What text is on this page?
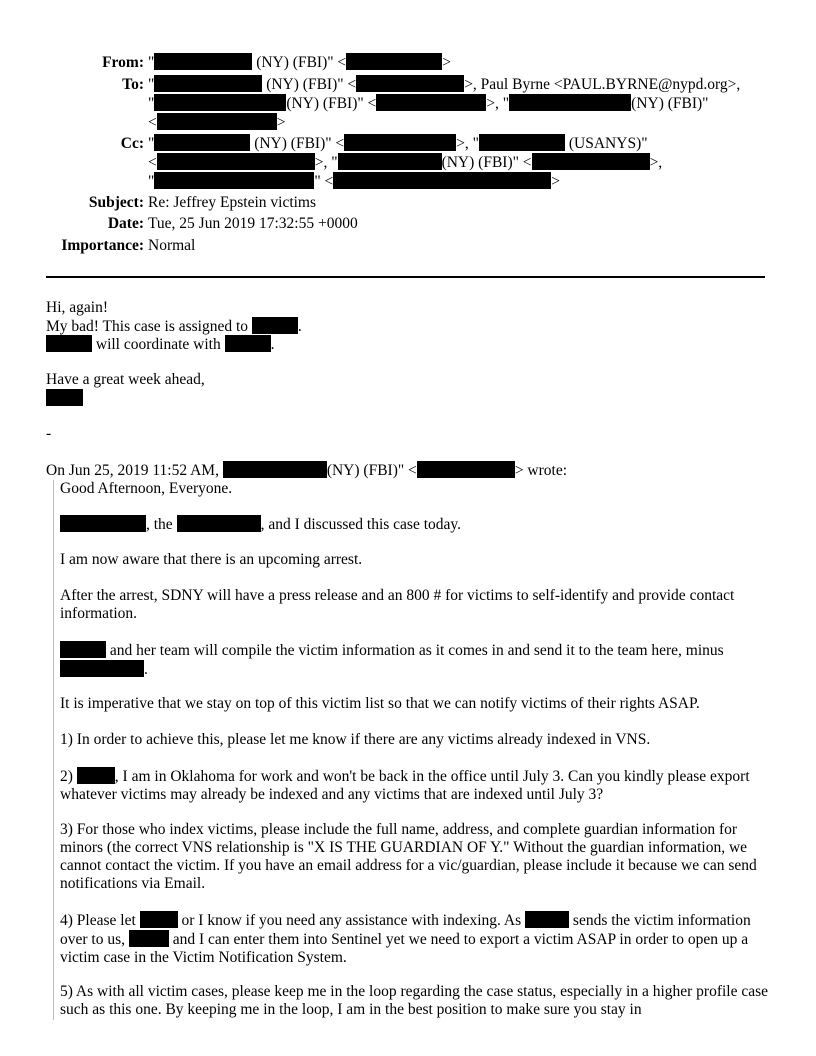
From: "	(NY) (FBI)" <	>
To: "	(NY) (FBI)" <	>, Paul Byrne <PAUL.BYRNE@nypd.org>,
"	(NY) (FBI)" <	>, "	(NY) (FBI)"
<	>
Cc: "	(NY) (FBI)" <	>, "	(USANYS)"
<	>, "	(NY) (FBI)" <	>,
"	" <	>
Subject: Re: Jeffrey Epstein victims
Date: Tue, 25 Jun 2019 17:32:55 +0000
Importance: Normal
Hi, again!
My bad! This case is assigned to	.
will coordinate with	.
Have a great week ahead,
-
On Jun 25, 2019 11:52 AM,	(NY) (FBI)" <	> wrote:
Good Afternoon, Everyone.
, the	, and I discussed this case today.
I am now aware that there is an upcoming arrest.
After the arrest, SDNY will have a press release and an 800 # for victims to self-identify and provide contact information.
and her team will compile the victim information as it comes in and send it to the team here, minus
.
It is imperative that we stay on top of this victim list so that we can notify victims of their rights ASAP.
1) In order to achieve this, please let me know if there are any victims already indexed in VNS.
2) , I am in Oklahoma for work and won't be back in the office until July 3. Can you kindly please export whatever victims may already be indexed and any victims that are indexed until July 3?
3) For those who index victims, please include the full name, address, and complete guardian information for minors (the correct VNS relationship is "X IS THE GUARDIAN OF Y." Without the guardian information, we cannot contact the victim. If you have an email address for a vic/guardian, please include it because we can send notifications via Email.
4) Please let  or I know if you need any assistance with indexing. As	sends the victim information over to us,	and I can enter them into Sentinel yet we need to export a victim ASAP in order to open up a victim case in the Victim Notification System.
5) As with all victim cases, please keep me in the loop regarding the case status, especially in a higher profile case such as this one. By keeping me in the loop, I am in the best position to make sure you stay in
